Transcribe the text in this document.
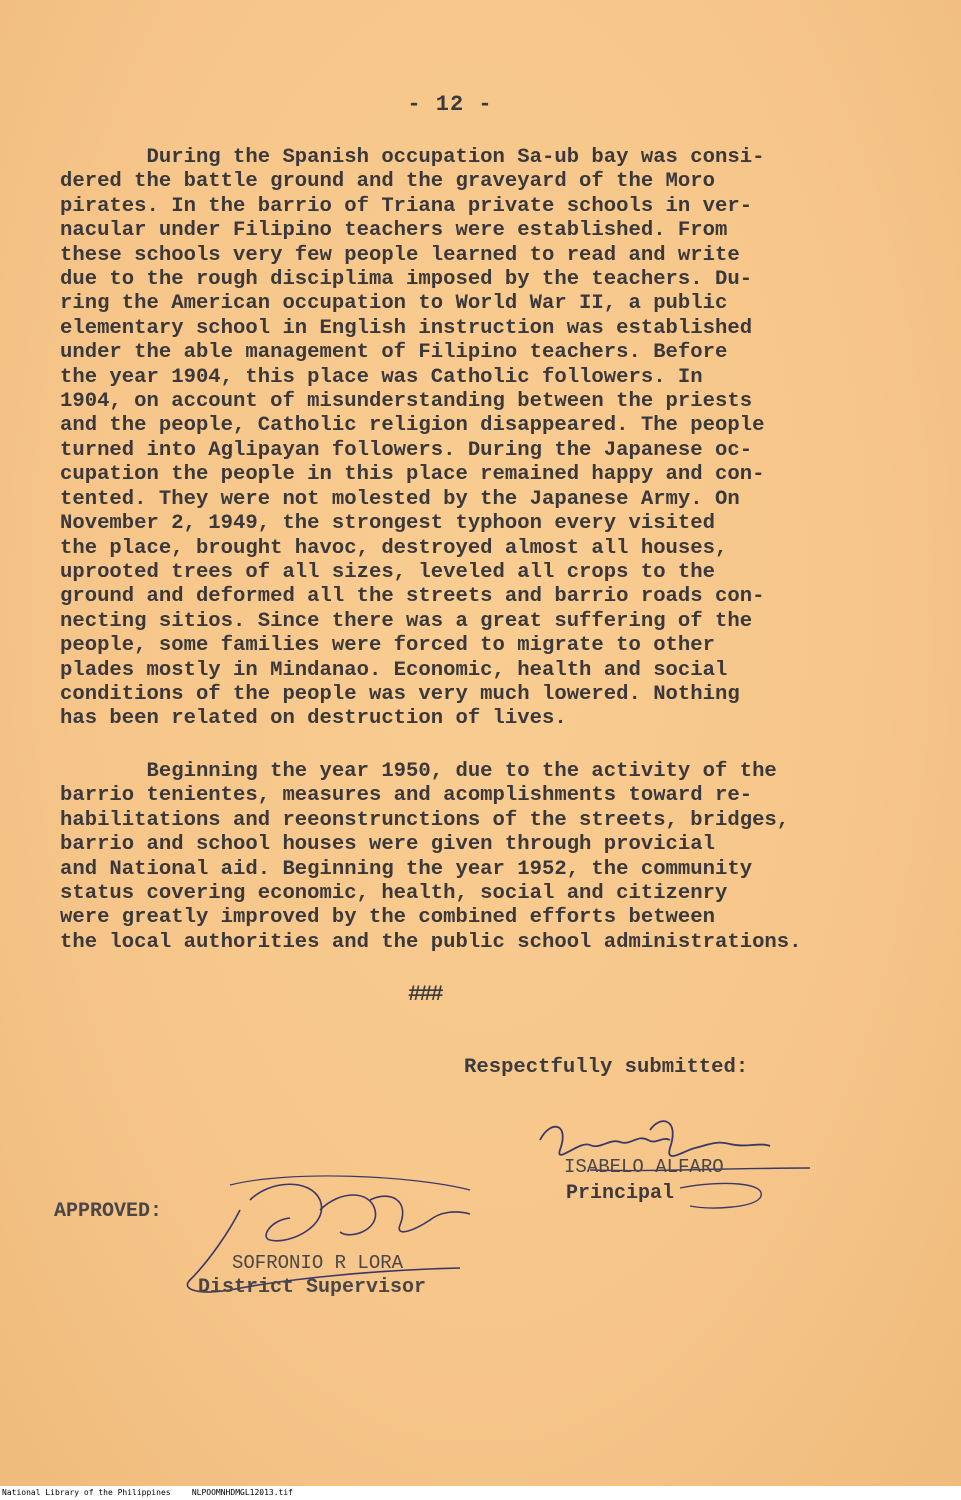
- 12 -
During the Spanish occupation Sa-ub bay was consi-
dered the battle ground and the graveyard of the Moro
pirates. In the barrio of Triana private schools in ver-
nacular under Filipino teachers were established. From
these schools very few people learned to read and write
due to the rough disciplima imposed by the teachers. Du-
ring the American occupation to World War II, a public
elementary school in English instruction was established
under the able management of Filipino teachers. Before
the year 1904, this place was Catholic followers. In
1904, on account of misunderstanding between the priests
and the people, Catholic religion disappeared. The people
turned into Aglipayan followers. During the Japanese oc-
cupation the people in this place remained happy and con-
tented. They were not molested by the Japanese Army. On
November 2, 1949, the strongest typhoon every visited
the place, brought havoc, destroyed almost all houses,
uprooted trees of all sizes, leveled all crops to the
ground and deformed all the streets and barrio roads con-
necting sitios. Since there was a great suffering of the
people, some families were forced to migrate to other
plades mostly in Mindanao. Economic, health and social
conditions of the people was very much lowered. Nothing
has been related on destruction of lives.
Beginning the year 1950, due to the activity of the
barrio tenientes, measures and acomplishments toward re-
habilitations and reeonstrunctions of the streets, bridges,
barrio and school houses were given through provicial
and National aid. Beginning the year 1952, the community
status covering economic, health, social and citizenry
were greatly improved by the combined efforts between
the local authorities and the public school administrations.
###
Respectfully submitted:
ISABELO ALFARO
Principal
APPROVED:
SOFRONIO R LORA
District Supervisor
National Library of the Philippines	NLPOOMNHDMGL12013.tif
